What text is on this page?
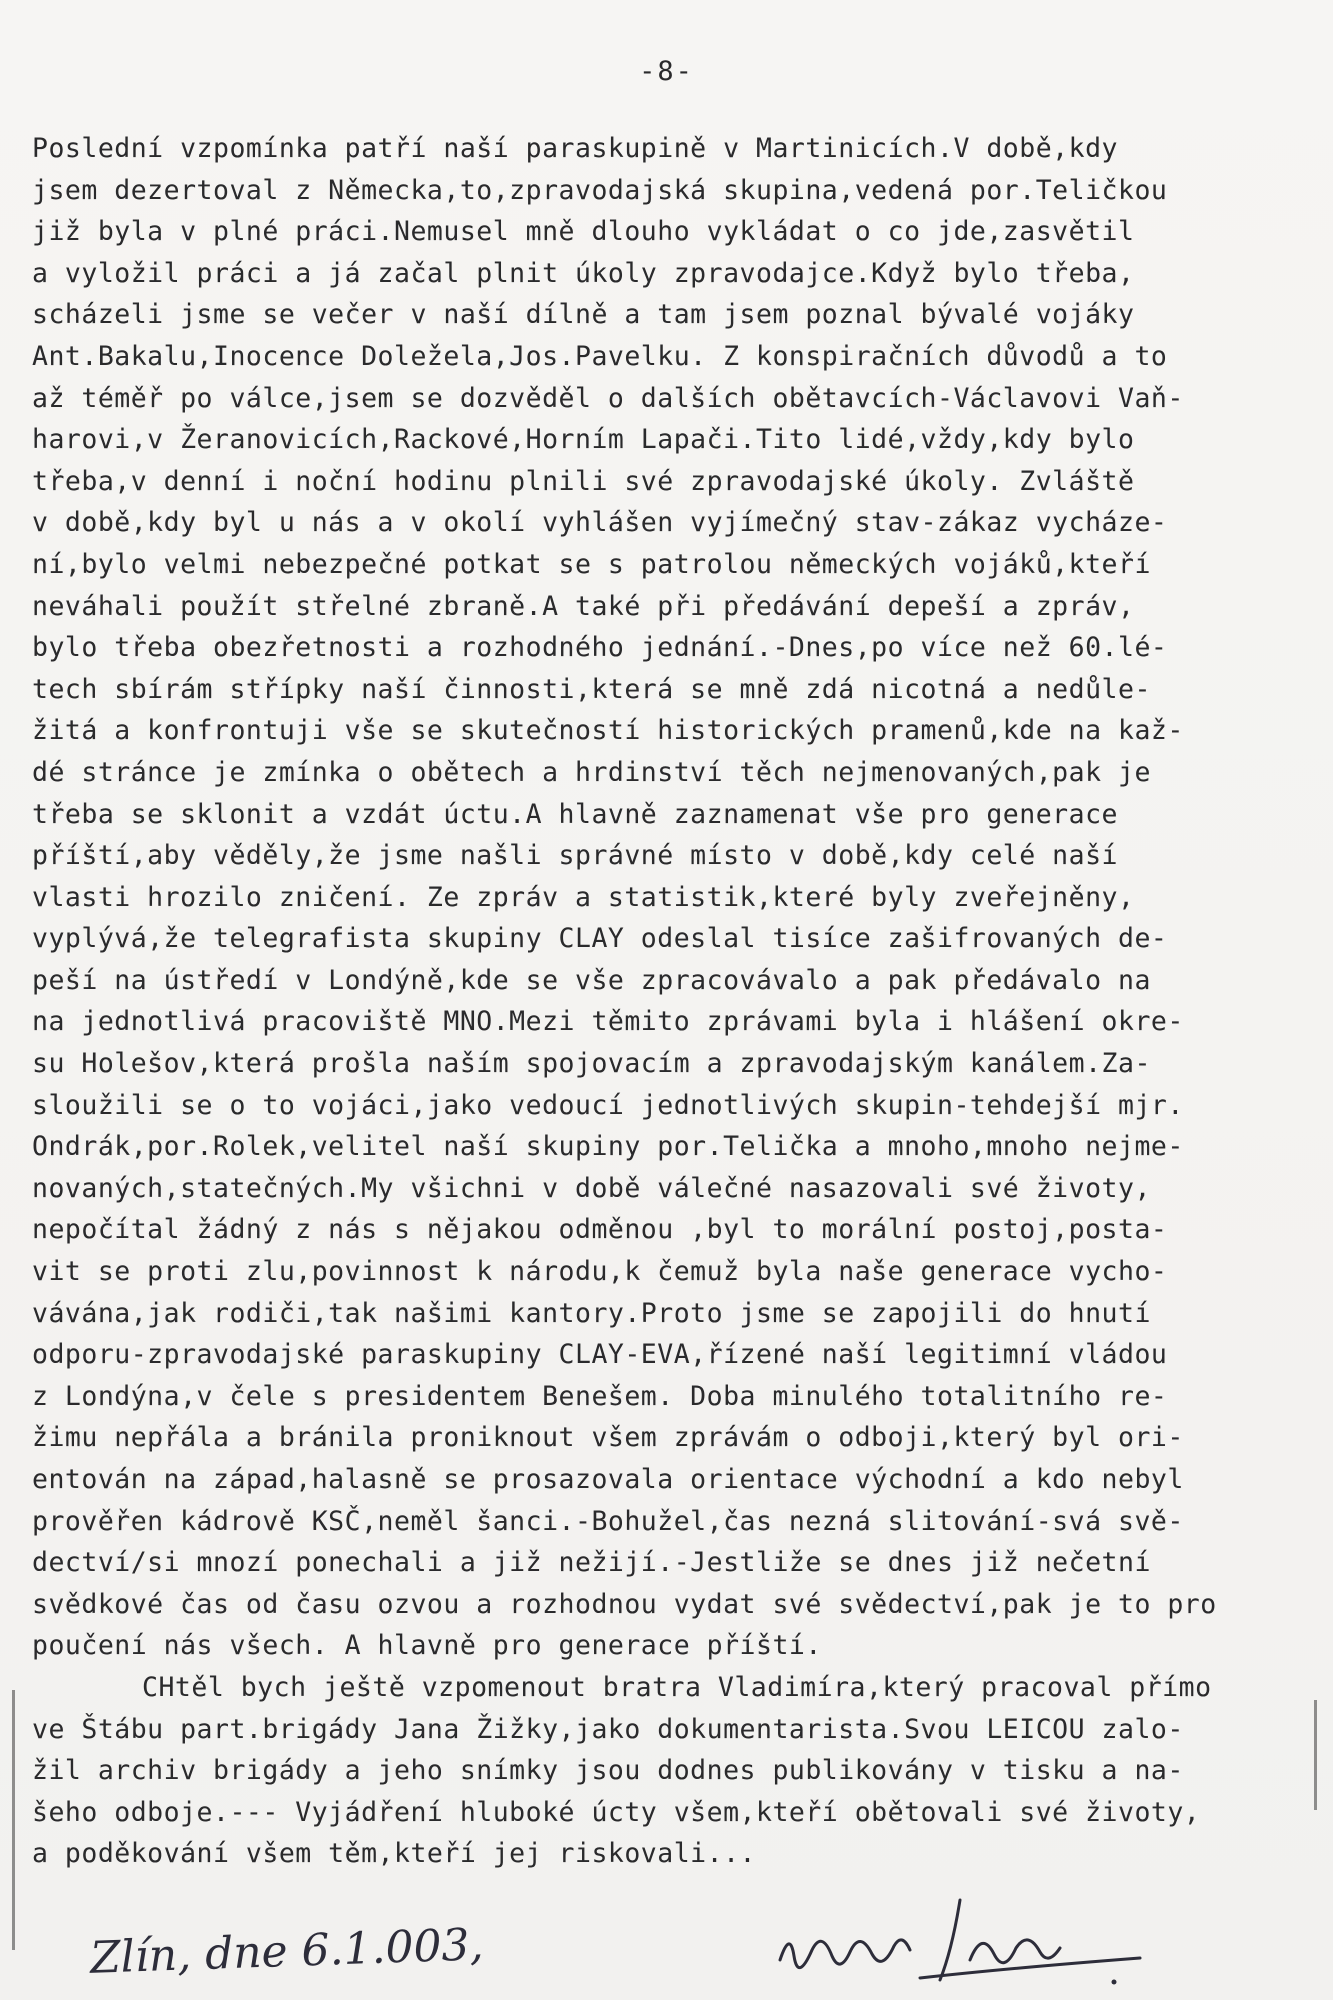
-8-
Poslední vzpomínka patří naší paraskupině v Martinicích.V době,kdy
jsem dezertoval z Německa,to,zpravodajská skupina,vedená por.Teličkou
již byla v plné práci.Nemusel mně dlouho vykládat o co jde,zasvětil
a vyložil práci a já začal plnit úkoly zpravodajce.Když bylo třeba,
scházeli jsme se večer v naší dílně a tam jsem poznal bývalé vojáky
Ant.Bakalu,Inocence Doležela,Jos.Pavelku. Z konspiračních důvodů a to
až téměř po válce,jsem se dozvěděl o dalších obětavcích-Václavovi Vaň-
harovi,v Žeranovicích,Rackové,Horním Lapači.Tito lidé,vždy,kdy bylo
třeba,v denní i noční hodinu plnili své zpravodajské úkoly. Zvláště
v době,kdy byl u nás a v okolí vyhlášen vyjímečný stav-zákaz vycháze-
ní,bylo velmi nebezpečné potkat se s patrolou německých vojáků,kteří
neváhali použít střelné zbraně.A také při předávání depeší a zpráv,
bylo třeba obezřetnosti a rozhodného jednání.-Dnes,po více než 60.lé-
tech sbírám střípky naší činnosti,která se mně zdá nicotná a nedůle-
žitá a konfrontuji vše se skutečností historických pramenů,kde na kaž-
dé stránce je zmínka o obětech a hrdinství těch nejmenovaných,pak je
třeba se sklonit a vzdát úctu.A hlavně zaznamenat vše pro generace
příští,aby věděly,že jsme našli správné místo v době,kdy celé naší
vlasti hrozilo zničení. Ze zpráv a statistik,které byly zveřejněny,
vyplývá,že telegrafista skupiny CLAY odeslal tisíce zašifrovaných de-
peší na ústředí v Londýně,kde se vše zpracovávalo a pak předávalo na
na jednotlivá pracoviště MNO.Mezi těmito zprávami byla i hlášení okre-
su Holešov,která prošla naším spojovacím a zpravodajským kanálem.Za-
sloužili se o to vojáci,jako vedoucí jednotlivých skupin-tehdejší mjr.
Ondrák,por.Rolek,velitel naší skupiny por.Telička a mnoho,mnoho nejme-
novaných,statečných.My všichni v době válečné nasazovali své životy,
nepočítal žádný z nás s nějakou odměnou ,byl to morální postoj,posta-
vit se proti zlu,povinnost k národu,k čemuž byla naše generace vycho-
vávána,jak rodiči,tak našimi kantory.Proto jsme se zapojili do hnutí
odporu-zpravodajské paraskupiny CLAY-EVA,řízené naší legitimní vládou
z Londýna,v čele s presidentem Benešem. Doba minulého totalitního re-
žimu nepřála a bránila proniknout všem zprávám o odboji,který byl ori-
entován na západ,halasně se prosazovala orientace východní a kdo nebyl
prověřen kádrově KSČ,neměl šanci.-Bohužel,čas nezná slitování-svá svě-
dectví/si mnozí ponechali a již nežijí.-Jestliže se dnes již nečetní
svědkové čas od času ozvou a rozhodnou vydat své svědectví,pak je to pro
poučení nás všech. A hlavně pro generace příští.
CHtěl bych ještě vzpomenout bratra Vladimíra,který pracoval přímo
ve Štábu part.brigády Jana Žižky,jako dokumentarista.Svou LEICOU zalo-
žil archiv brigády a jeho snímky jsou dodnes publikovány v tisku a na-
šeho odboje.--- Vyjádření hluboké úcty všem,kteří obětovali své životy,
a poděkování všem těm,kteří jej riskovali...
Zlín, dne 6.1.003,
